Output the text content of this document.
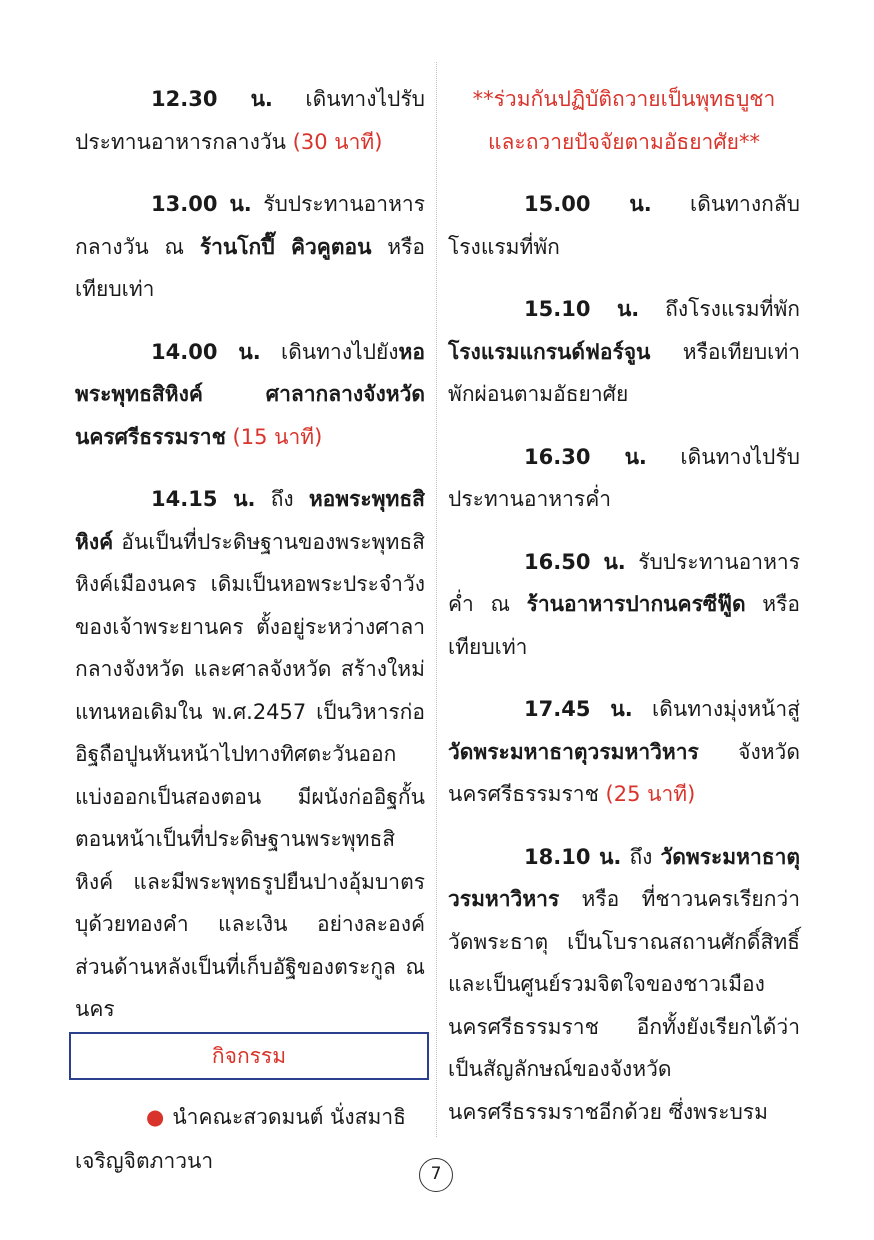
12.30 น. เดินทางไปรับประทานอาหารกลางวัน (30 นาที)

13.00 น. รับประทานอาหารกลางวัน ณ ร้านโกปี๊ คิวคูตอน หรือเทียบเท่า

14.00 น. เดินทางไปยังหอพระพุทธสิหิงค์ ศาลากลางจังหวัดนครศรีธรรมราช (15 นาที)

14.15 น. ถึง หอพระพุทธสิหิงค์ อันเป็นที่ประดิษฐานของพระพุทธสิหิงค์เมืองนคร เดิมเป็นหอพระประจำวังของเจ้าพระยานคร ตั้งอยู่ระหว่างศาลากลางจังหวัด และศาลจังหวัด สร้างใหม่แทนหอเดิมใน พ.ศ.2457 เป็นวิหารก่ออิฐถือปูนหันหน้าไปทางทิศตะวันออก แบ่งออกเป็นสองตอน มีผนังก่ออิฐกั้น ตอนหน้าเป็นที่ประดิษฐานพระพุทธสิหิงค์ และมีพระพุทธรูปยืนปางอุ้มบาตร บุด้วยทองคำ และเงิน อย่างละองค์ ส่วนด้านหลังเป็นที่เก็บอัฐิของตระกูล ณ นคร

กิจกรรม
● นำคณะสวดมนต์ นั่งสมาธิ
เจริญจิตภาวนา
**ร่วมกันปฏิบัติถวายเป็นพุทธบูชา
และถวายปัจจัยตามอัธยาศัย**

15.00 น. เดินทางกลับโรงแรมที่พัก

15.10 น. ถึงโรงแรมที่พัก โรงแรมแกรนด์ฟอร์จูน หรือเทียบเท่า พักผ่อนตามอัธยาศัย

16.30 น. เดินทางไปรับประทานอาหารค่ำ

16.50 น. รับประทานอาหารค่ำ ณ ร้านอาหารปากนครซีฟู๊ด หรือเทียบเท่า

17.45 น. เดินทางมุ่งหน้าสู่ วัดพระมหาธาตุวรมหาวิหาร จังหวัดนครศรีธรรมราช (25 นาที)

18.10 น. ถึง วัดพระมหาธาตุวรมหาวิหาร หรือ ที่ชาวนครเรียกว่า วัดพระธาตุ เป็นโบราณสถานศักดิ์สิทธิ์ และเป็นศูนย์รวมจิตใจของชาวเมืองนครศรีธรรมราช อีกทั้งยังเรียกได้ว่าเป็นสัญลักษณ์ของจังหวัดนครศรีธรรมราชอีกด้วย ซึ่งพระบรม

7
